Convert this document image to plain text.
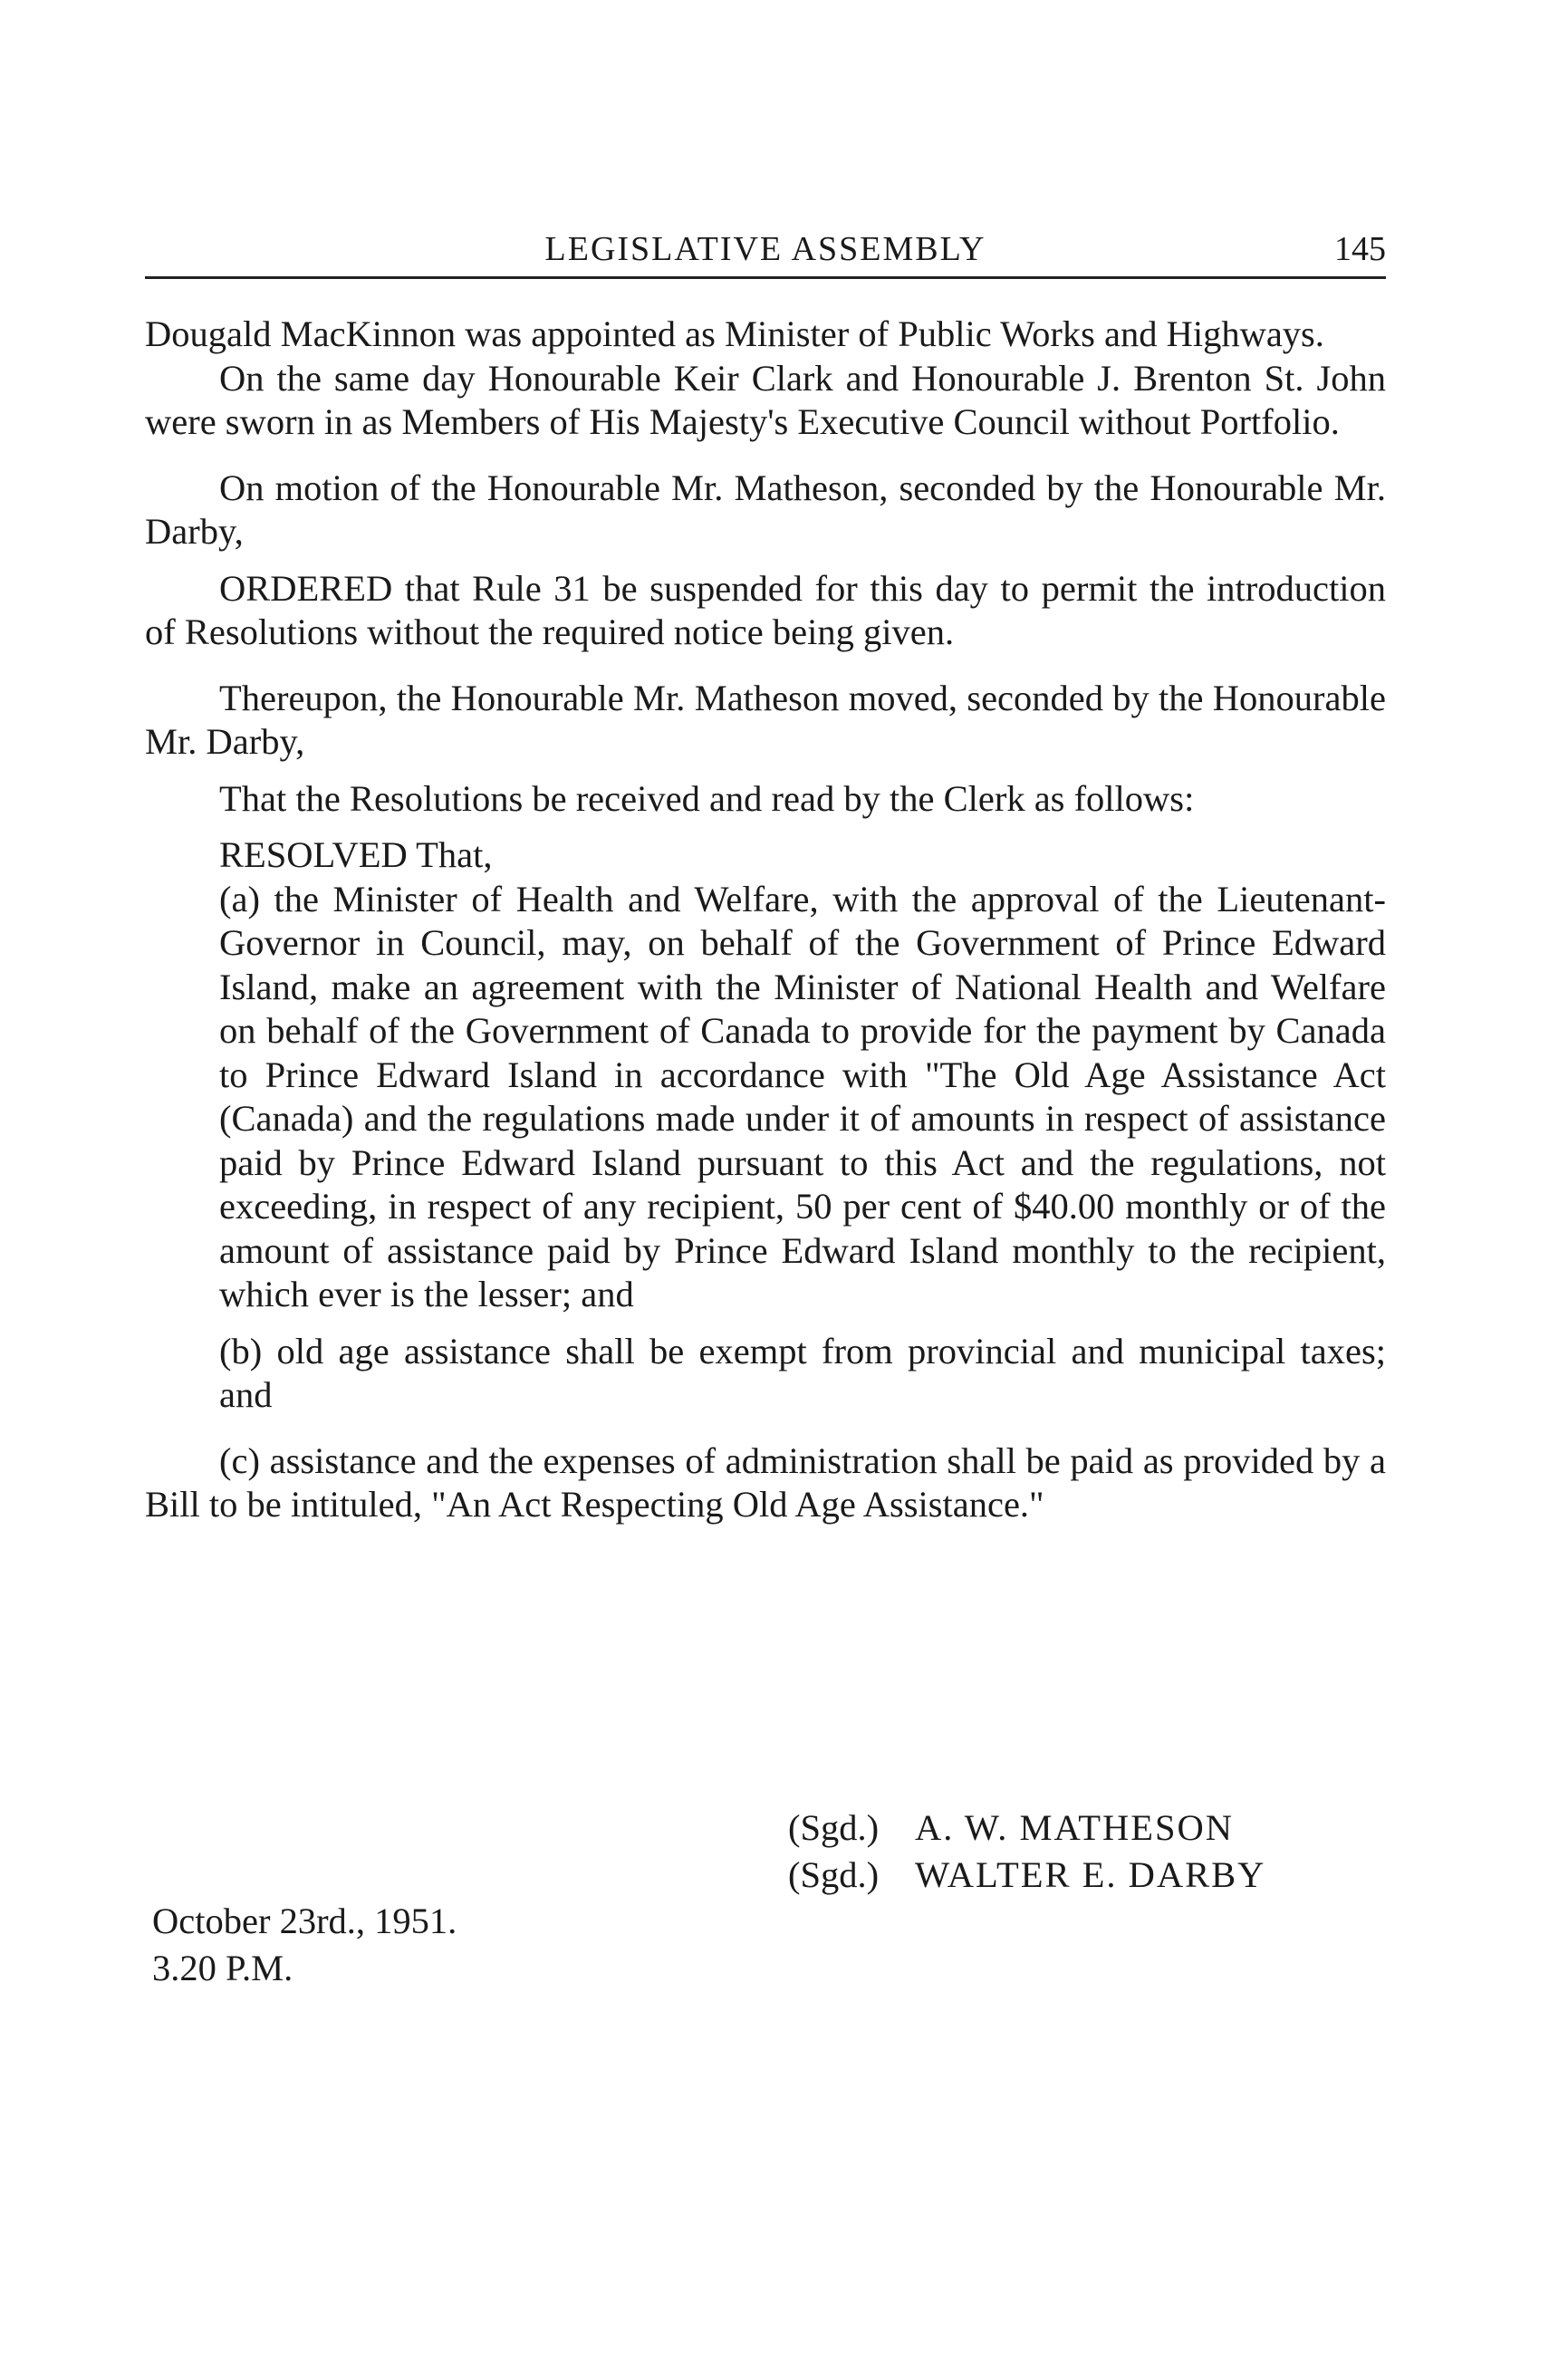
LEGISLATIVE ASSEMBLY	145

Dougald MacKinnon was appointed as Minister of Public Works and Highways.

On the same day Honourable Keir Clark and Honourable J. Brenton St. John were sworn in as Members of His Majesty's Executive Council without Portfolio.

On motion of the Honourable Mr. Matheson, seconded by the Honourable Mr. Darby,

ORDERED that Rule 31 be suspended for this day to permit the introduction of Resolutions without the required notice being given.

Thereupon, the Honourable Mr. Matheson moved, seconded by the Honourable Mr. Darby,

That the Resolutions be received and read by the Clerk as follows:

RESOLVED That,

(a) the Minister of Health and Welfare, with the approval of the Lieutenant-Governor in Council, may, on behalf of the Government of Prince Edward Island, make an agreement with the Minister of National Health and Welfare on behalf of the Government of Canada to provide for the payment by Canada to Prince Edward Island in accordance with "The Old Age Assistance Act (Canada) and the regulations made under it of amounts in respect of assistance paid by Prince Edward Island pursuant to this Act and the regulations, not exceeding, in respect of any recipient, 50 per cent of $40.00 monthly or of the amount of assistance paid by Prince Edward Island monthly to the recipient, which ever is the lesser; and

(b) old age assistance shall be exempt from provincial and municipal taxes; and

(c) assistance and the expenses of administration shall be paid as provided by a Bill to be intituled, "An Act Respecting Old Age Assistance."

(Sgd.) A. W. MATHESON
(Sgd.) WALTER E. DARBY
October 23rd., 1951.
3.20 P.M.
